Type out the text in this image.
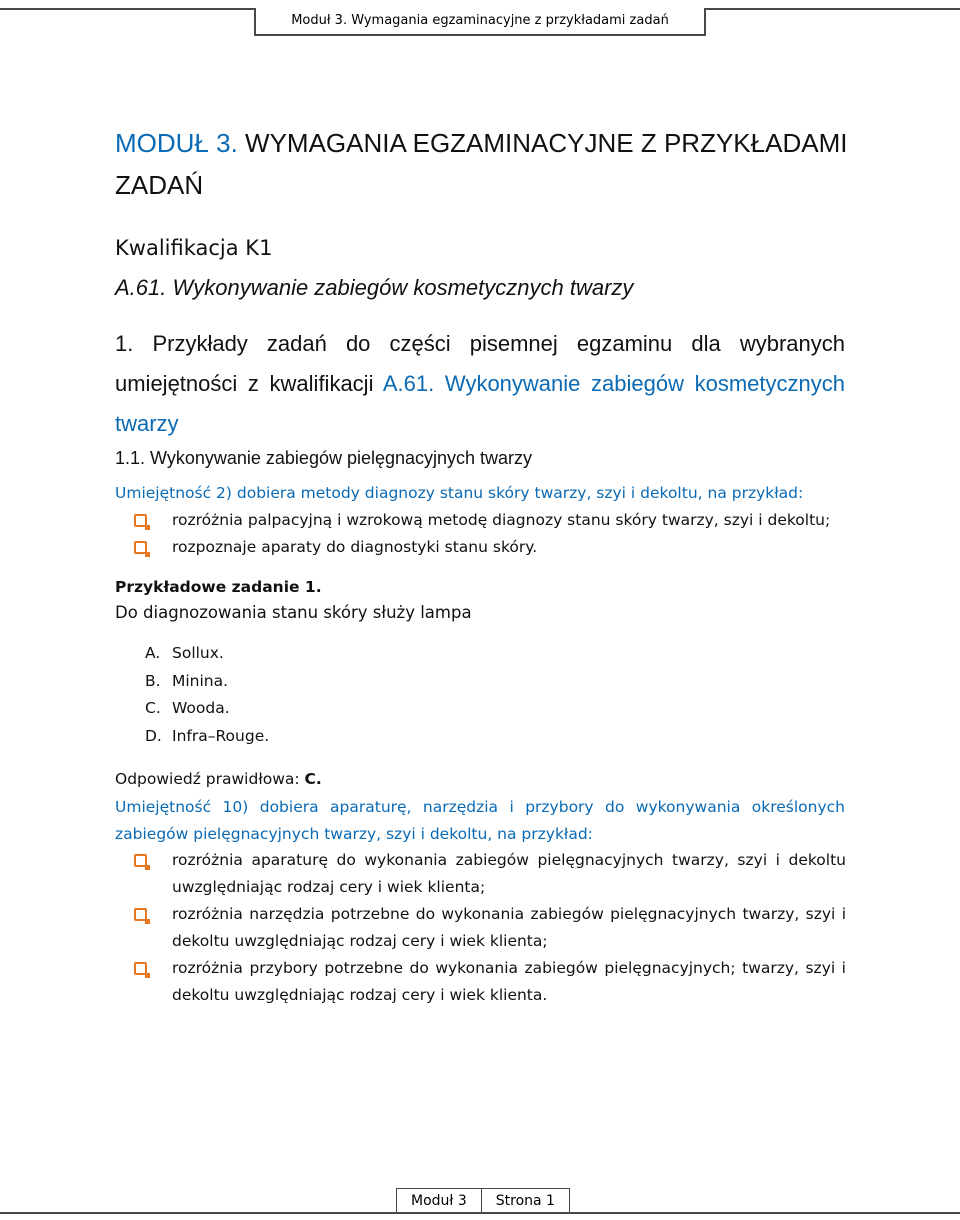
Moduł 3. Wymagania egzaminacyjne z przykładami zadań
MODUŁ 3. WYMAGANIA EGZAMINACYJNE Z PRZYKŁADAMI ZADAŃ

Kwalifikacja K1

A.61. Wykonywanie zabiegów kosmetycznych twarzy

1. Przykłady zadań do części pisemnej egzaminu dla wybranych umiejętności z kwalifikacji A.61. Wykonywanie zabiegów kosmetycznych twarzy

1.1. Wykonywanie zabiegów pielęgnacyjnych twarzy

Umiejętność 2) dobiera metody diagnozy stanu skóry twarzy, szyi i dekoltu, na przykład:

rozróżnia palpacyjną i wzrokową metodę diagnozy stanu skóry twarzy, szyi i dekoltu;
rozpoznaje aparaty do diagnostyki stanu skóry.

Przykładowe zadanie 1.

Do diagnozowania stanu skóry służy lampa

A. Sollux.
B. Minina.
C. Wooda.
D. Infra–Rouge.

Odpowiedź prawidłowa: C.

Umiejętność 10) dobiera aparaturę, narzędzia i przybory do wykonywania określonych zabiegów pielęgnacyjnych twarzy, szyi i dekoltu, na przykład:

rozróżnia aparaturę do wykonania zabiegów pielęgnacyjnych twarzy, szyi i dekoltu uwzględniając rodzaj cery i wiek klienta;
rozróżnia narzędzia potrzebne do wykonania zabiegów pielęgnacyjnych twarzy, szyi i dekoltu uwzględniając rodzaj cery i wiek klienta;
rozróżnia przybory potrzebne do wykonania zabiegów pielęgnacyjnych; twarzy, szyi i dekoltu uwzględniając rodzaj cery i wiek klienta.
Moduł 3	Strona 1
